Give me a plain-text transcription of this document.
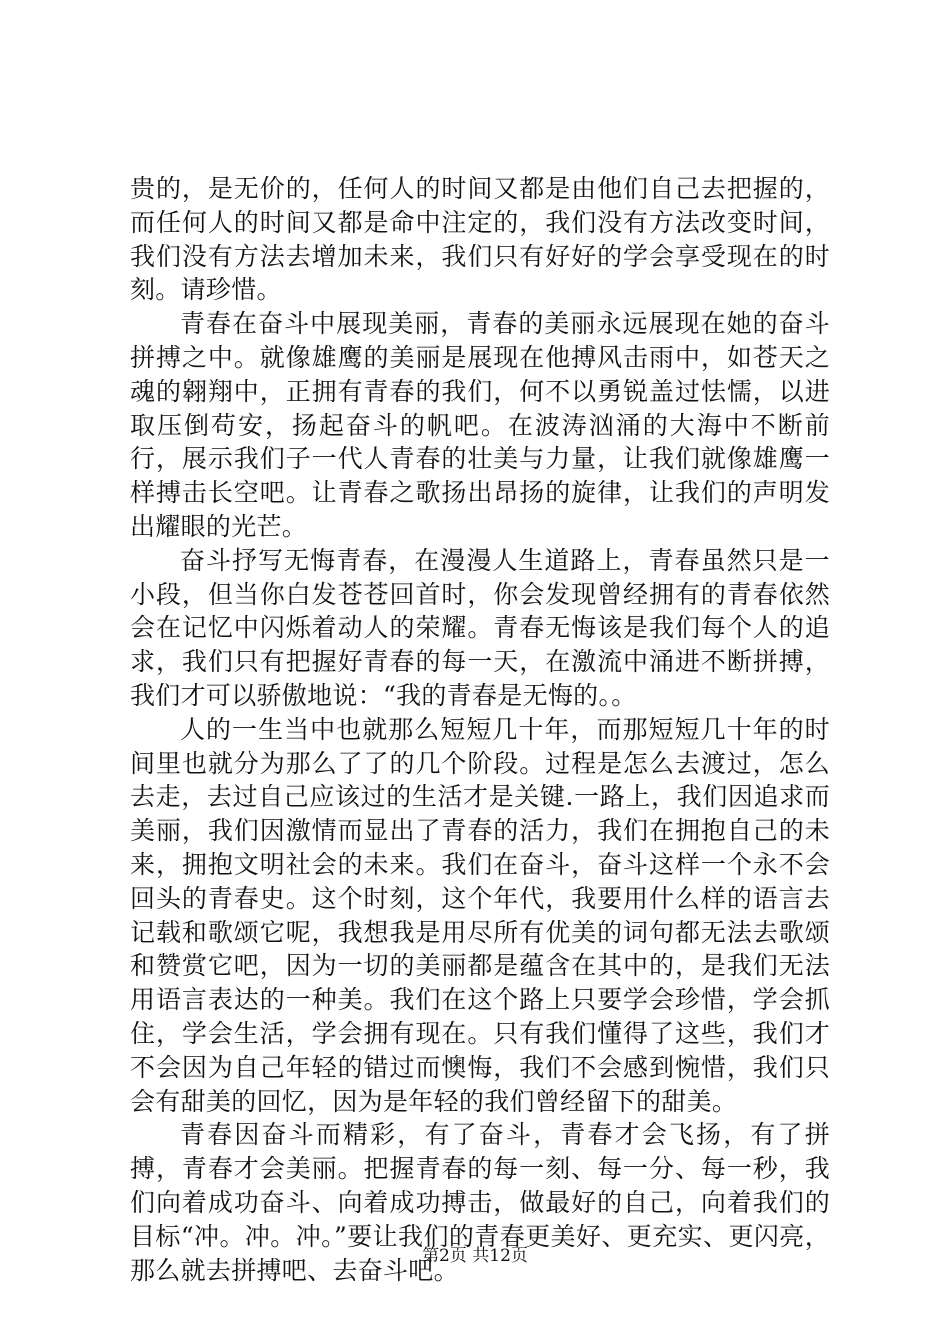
贵的，是无价的，任何人的时间又都是由他们自己去把握的，而任何人的时间又都是命中注定的，我们没有方法改变时间，我们没有方法去增加未来，我们只有好好的学会享受现在的时刻。请珍惜。

青春在奋斗中展现美丽，青春的美丽永远展现在她的奋斗拼搏之中。就像雄鹰的美丽是展现在他搏风击雨中，如苍天之魂的翱翔中，正拥有青春的我们，何不以勇锐盖过怯懦，以进取压倒苟安，扬起奋斗的帆吧。在波涛汹涌的大海中不断前行，展示我们子一代人青春的壮美与力量，让我们就像雄鹰一样搏击长空吧。让青春之歌扬出昂扬的旋律，让我们的声明发出耀眼的光芒。

奋斗抒写无悔青春，在漫漫人生道路上，青春虽然只是一小段，但当你白发苍苍回首时，你会发现曾经拥有的青春依然会在记忆中闪烁着动人的荣耀。青春无悔该是我们每个人的追求，我们只有把握好青春的每一天，在激流中涌进不断拼搏，我们才可以骄傲地说：“我的青春是无悔的。。

人的一生当中也就那么短短几十年，而那短短几十年的时间里也就分为那么了了的几个阶段。过程是怎么去渡过，怎么去走，去过自己应该过的生活才是关键.一路上，我们因追求而美丽，我们因激情而显出了青春的活力，我们在拥抱自己的未来，拥抱文明社会的未来。我们在奋斗，奋斗这样一个永不会回头的青春史。这个时刻，这个年代，我要用什么样的语言去记载和歌颂它呢，我想我是用尽所有优美的词句都无法去歌颂和赞赏它吧，因为一切的美丽都是蕴含在其中的，是我们无法用语言表达的一种美。我们在这个路上只要学会珍惜，学会抓住，学会生活，学会拥有现在。只有我们懂得了这些，我们才不会因为自己年轻的错过而懊悔，我们不会感到惋惜，我们只会有甜美的回忆，因为是年轻的我们曾经留下的甜美。

青春因奋斗而精彩，有了奋斗，青春才会飞扬，有了拼搏，青春才会美丽。把握青春的每一刻、每一分、每一秒，我们向着成功奋斗、向着成功搏击，做最好的自己，向着我们的目标“冲。冲。冲。”要让我们的青春更美好、更充实、更闪亮，那么就去拼搏吧、去奋斗吧。

第2页 共12页
